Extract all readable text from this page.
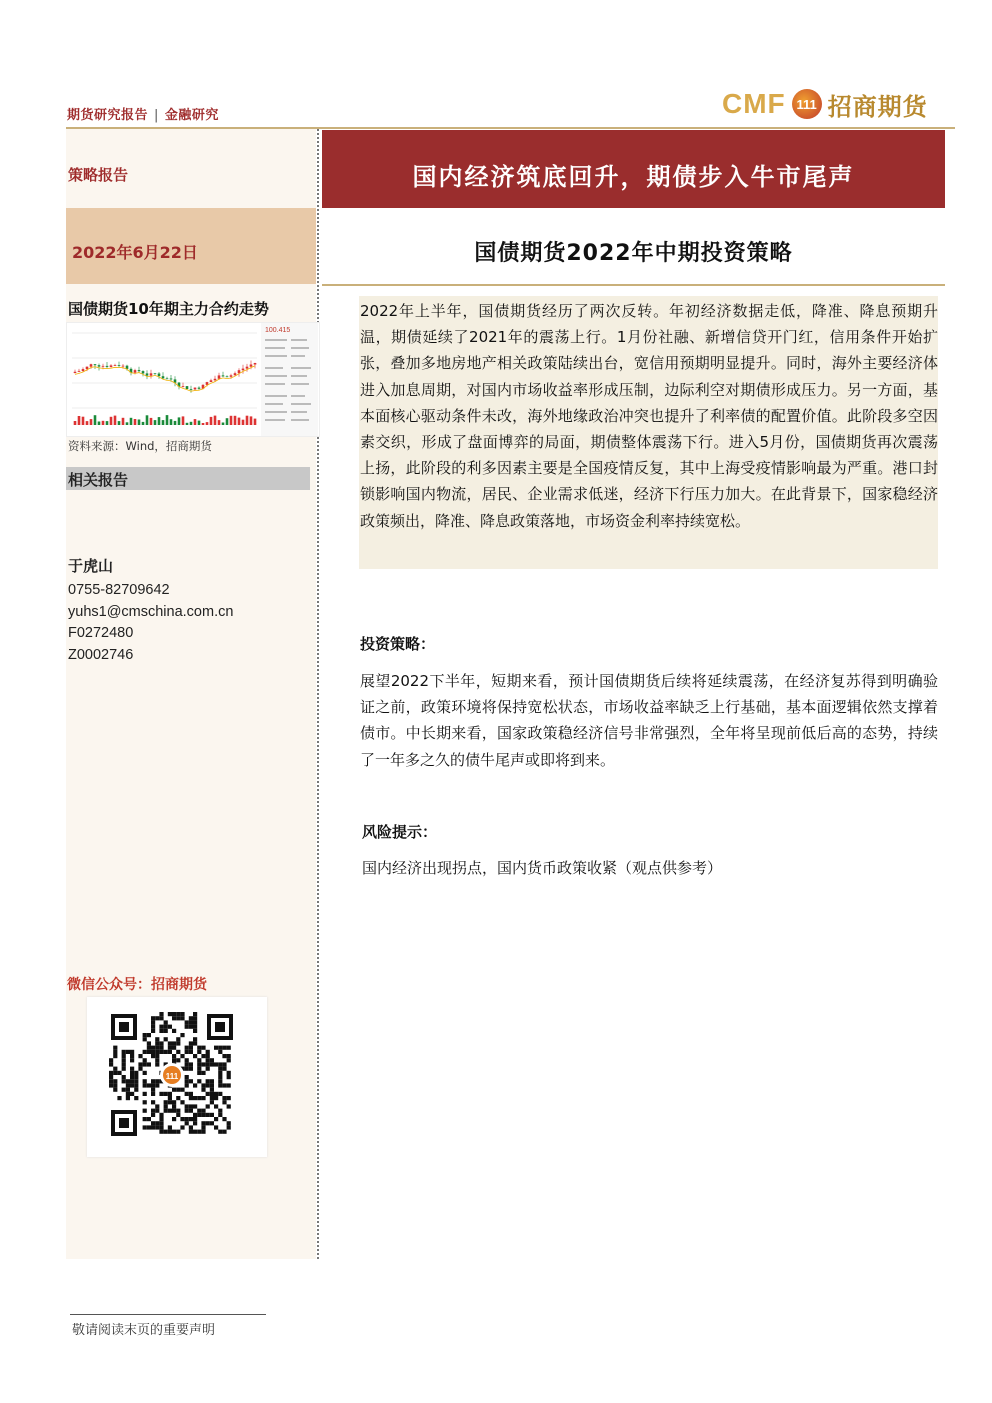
期货研究报告 | 金融研究	CMF 111 招商期货
策略报告
2022年6月22日
国债期货10年期主力合约走势
100.415
资料来源：Wind，招商期货
相关报告
于虎山
0755-82709642
yuhs1@cmschina.com.cn
F0272480
Z0002746
微信公众号：招商期货
111
国内经济筑底回升，期债步入牛市尾声
国债期货2022年中期投资策略
2022年上半年，国债期货经历了两次反转。年初经济数据走低，降准、降息预期升温，期债延续了2021年的震荡上行。1月份社融、新增信贷开门红，信用条件开始扩张，叠加多地房地产相关政策陆续出台，宽信用预期明显提升。同时，海外主要经济体进入加息周期，对国内市场收益率形成压制，边际利空对期债形成压力。另一方面，基本面核心驱动条件未改，海外地缘政治冲突也提升了利率债的配置价值。此阶段多空因素交织，形成了盘面博弈的局面，期债整体震荡下行。进入5月份，国债期货再次震荡上扬，此阶段的利多因素主要是全国疫情反复，其中上海受疫情影响最为严重。港口封锁影响国内物流，居民、企业需求低迷，经济下行压力加大。在此背景下，国家稳经济政策频出，降准、降息政策落地，市场资金利率持续宽松。
投资策略：
展望2022下半年，短期来看，预计国债期货后续将延续震荡，在经济复苏得到明确验证之前，政策环境将保持宽松状态，市场收益率缺乏上行基础，基本面逻辑依然支撑着债市。中长期来看，国家政策稳经济信号非常强烈，全年将呈现前低后高的态势，持续了一年多之久的债牛尾声或即将到来。
风险提示：
国内经济出现拐点，国内货币政策收紧（观点供参考）
敬请阅读末页的重要声明
